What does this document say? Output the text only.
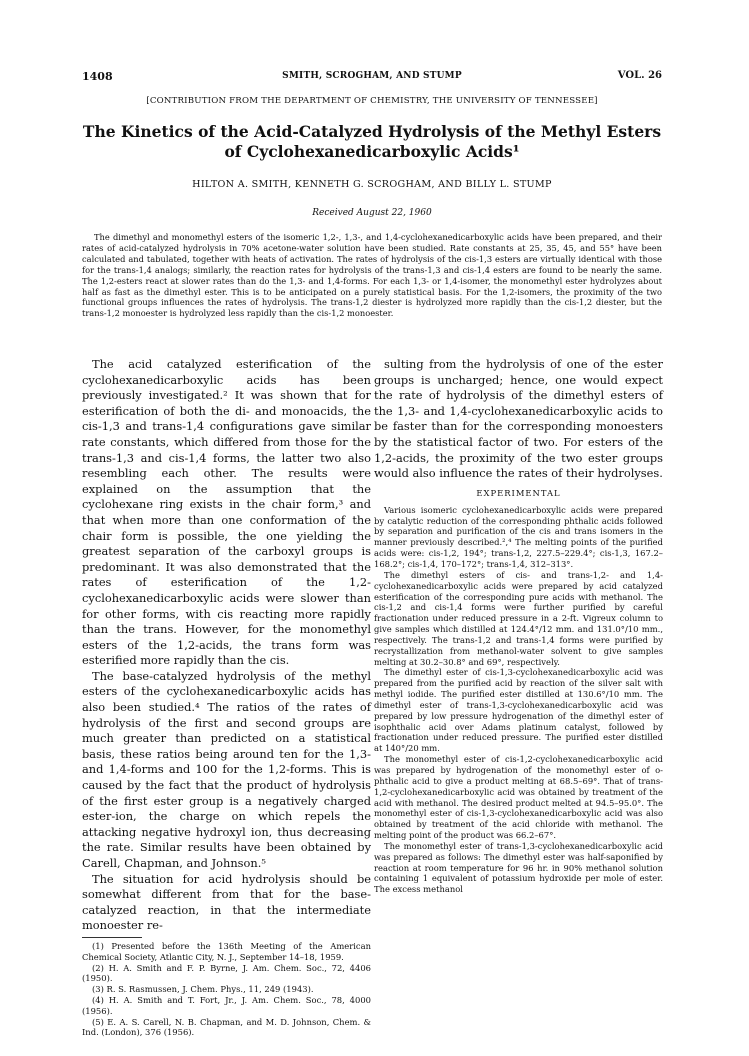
1408	SMITH, SCROGHAM, AND STUMP	VOL. 26
[CONTRIBUTION FROM THE DEPARTMENT OF CHEMISTRY, THE UNIVERSITY OF TENNESSEE]
The Kinetics of the Acid-Catalyzed Hydrolysis of the Methyl Esters of Cyclohexanedicarboxylic Acids¹
HILTON A. SMITH, KENNETH G. SCROGHAM, AND BILLY L. STUMP
Received August 22, 1960
The dimethyl and monomethyl esters of the isomeric 1,2-, 1,3-, and 1,4-cyclohexanedicarboxylic acids have been prepared, and their rates of acid-catalyzed hydrolysis in 70% acetone-water solution have been studied. Rate constants at 25, 35, 45, and 55° have been calculated and tabulated, together with heats of activation. The rates of hydrolysis of the cis-1,3 esters are virtually identical with those for the trans-1,4 analogs; similarly, the reaction rates for hydrolysis of the trans-1,3 and cis-1,4 esters are found to be nearly the same. The 1,2-esters react at slower rates than do the 1,3- and 1,4-forms. For each 1,3- or 1,4-isomer, the monomethyl ester hydrolyzes about half as fast as the dimethyl ester. This is to be anticipated on a purely statistical basis. For the 1,2-isomers, the proximity of the two functional groups influences the rates of hydrolysis. The trans-1,2 diester is hydrolyzed more rapidly than the cis-1,2 diester, but the trans-1,2 monoester is hydrolyzed less rapidly than the cis-1,2 monoester.

The acid catalyzed esterification of the cyclohexanedicarboxylic acids has been previously investigated.² It was shown that for esterification of both the di- and monoacids, the cis-1,3 and trans-1,4 configurations gave similar rate constants, which differed from those for the trans-1,3 and cis-1,4 forms, the latter two also resembling each other. The results were explained on the assumption that the cyclohexane ring exists in the chair form,³ and that when more than one conformation of the chair form is possible, the one yielding the greatest separation of the carboxyl groups is predominant. It was also demonstrated that the rates of esterification of the 1,2-cyclohexanedicarboxylic acids were slower than for other forms, with cis reacting more rapidly than the trans. However, for the monomethyl esters of the 1,2-acids, the trans form was esterified more rapidly than the cis.

The base-catalyzed hydrolysis of the methyl esters of the cyclohexanedicarboxylic acids has also been studied.⁴ The ratios of the rates of hydrolysis of the first and second groups are much greater than predicted on a statistical basis, these ratios being around ten for the 1,3- and 1,4-forms and 100 for the 1,2-forms. This is caused by the fact that the product of hydrolysis of the first ester group is a negatively charged ester-ion, the charge on which repels the attacking negative hydroxyl ion, thus decreasing the rate. Similar results have been obtained by Carell, Chapman, and Johnson.⁵

The situation for acid hydrolysis should be somewhat different from that for the base-catalyzed reaction, in that the intermediate monoester re-

(1) Presented before the 136th Meeting of the American Chemical Society, Atlantic City, N. J., September 14–18, 1959.

(2) H. A. Smith and F. P. Byrne, J. Am. Chem. Soc., 72, 4406 (1950).

(3) R. S. Rasmussen, J. Chem. Phys., 11, 249 (1943).

(4) H. A. Smith and T. Fort, Jr., J. Am. Chem. Soc., 78, 4000 (1956).

(5) E. A. S. Carell, N. B. Chapman, and M. D. Johnson, Chem. & Ind. (London), 376 (1956).

sulting from the hydrolysis of one of the ester groups is uncharged; hence, one would expect the rate of hydrolysis of the dimethyl esters of the 1,3- and 1,4-cyclohexanedicarboxylic acids to be faster than for the corresponding monoesters by the statistical factor of two. For esters of the 1,2-acids, the proximity of the two ester groups would also influence the rates of their hydrolyses.

EXPERIMENTAL

Various isomeric cyclohexanedicarboxylic acids were prepared by catalytic reduction of the corresponding phthalic acids followed by separation and purification of the cis and trans isomers in the manner previously described.²,⁴ The melting points of the purified acids were: cis-1,2, 194°; trans-1,2, 227.5–229.4°; cis-1,3, 167.2–168.2°; cis-1,4, 170–172°; trans-1,4, 312–313°.

The dimethyl esters of cis- and trans-1,2- and 1,4-cyclohexanedicarboxylic acids were prepared by acid catalyzed esterification of the corresponding pure acids with methanol. The cis-1,2 and cis-1,4 forms were further purified by careful fractionation under reduced pressure in a 2-ft. Vigreux column to give samples which distilled at 124.4°/12 mm. and 131.0°/10 mm., respectively. The trans-1,2 and trans-1,4 forms were purified by recrystallization from methanol-water solvent to give samples melting at 30.2–30.8° and 69°, respectively.

The dimethyl ester of cis-1,3-cyclohexanedicarboxylic acid was prepared from the purified acid by reaction of the silver salt with methyl iodide. The purified ester distilled at 130.6°/10 mm. The dimethyl ester of trans-1,3-cyclohexanedicarboxylic acid was prepared by low pressure hydrogenation of the dimethyl ester of isophthalic acid over Adams platinum catalyst, followed by fractionation under reduced pressure. The purified ester distilled at 140°/20 mm.

The monomethyl ester of cis-1,2-cyclohexanedicarboxylic acid was prepared by hydrogenation of the monomethyl ester of o-phthalic acid to give a product melting at 68.5–69°. That of trans-1,2-cyclohexanedicarboxylic acid was obtained by treatment of the acid with methanol. The desired product melted at 94.5–95.0°. The monomethyl ester of cis-1,3-cyclohexanedicarboxylic acid was also obtained by treatment of the acid chloride with methanol. The melting point of the product was 66.2–67°.

The monomethyl ester of trans-1,3-cyclohexanedicarboxylic acid was prepared as follows: The dimethyl ester was half-saponified by reaction at room temperature for 96 hr. in 90% methanol solution containing 1 equivalent of potassium hydroxide per mole of ester. The excess methanol
